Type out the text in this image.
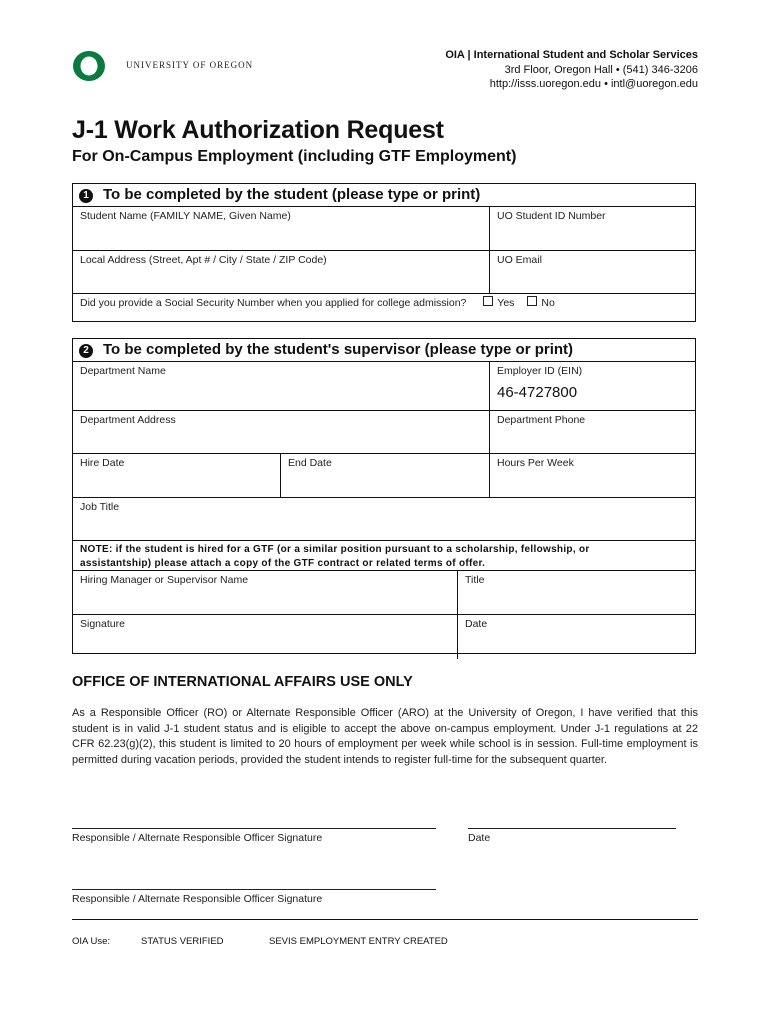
UNIVERSITY OF OREGON
OIA | International Student and Scholar Services
3rd Floor, Oregon Hall • (541) 346-3206
http://isss.uoregon.edu • intl@uoregon.edu
J-1 Work Authorization Request
For On-Campus Employment (including GTF Employment)
1 To be completed by the student (please type or print)
Student Name (FAMILY NAME, Given Name)	UO Student ID Number
Local Address (Street, Apt # / City / State / ZIP Code)	UO Email
Did you provide a Social Security Number when you applied for college admission?	Yes	No
2 To be completed by the student's supervisor (please type or print)
Department Name	Employer ID (EIN)
46-4727800
Department Address	Department Phone
Hire Date	End Date	Hours Per Week
Job Title
NOTE: if the student is hired for a GTF (or a similar position pursuant to a scholarship, fellowship, or
assistantship) please attach a copy of the GTF contract or related terms of offer.
Hiring Manager or Supervisor Name	Title
Signature	Date
OFFICE OF INTERNATIONAL AFFAIRS USE ONLY
As a Responsible Officer (RO) or Alternate Responsible Officer (ARO) at the University of Oregon, I have verified that this student is in valid J-1 student status and is eligible to accept the above on-campus employment. Under J-1 regulations at 22 CFR 62.23(g)(2), this student is limited to 20 hours of employment per week while school is in session. Full-time employment is permitted during vacation periods, provided the student intends to register full-time for the subsequent quarter.
Responsible / Alternate Responsible Officer Signature	Date
Responsible / Alternate Responsible Officer Signature
OIA Use:	STATUS VERIFIED	SEVIS EMPLOYMENT ENTRY CREATED
